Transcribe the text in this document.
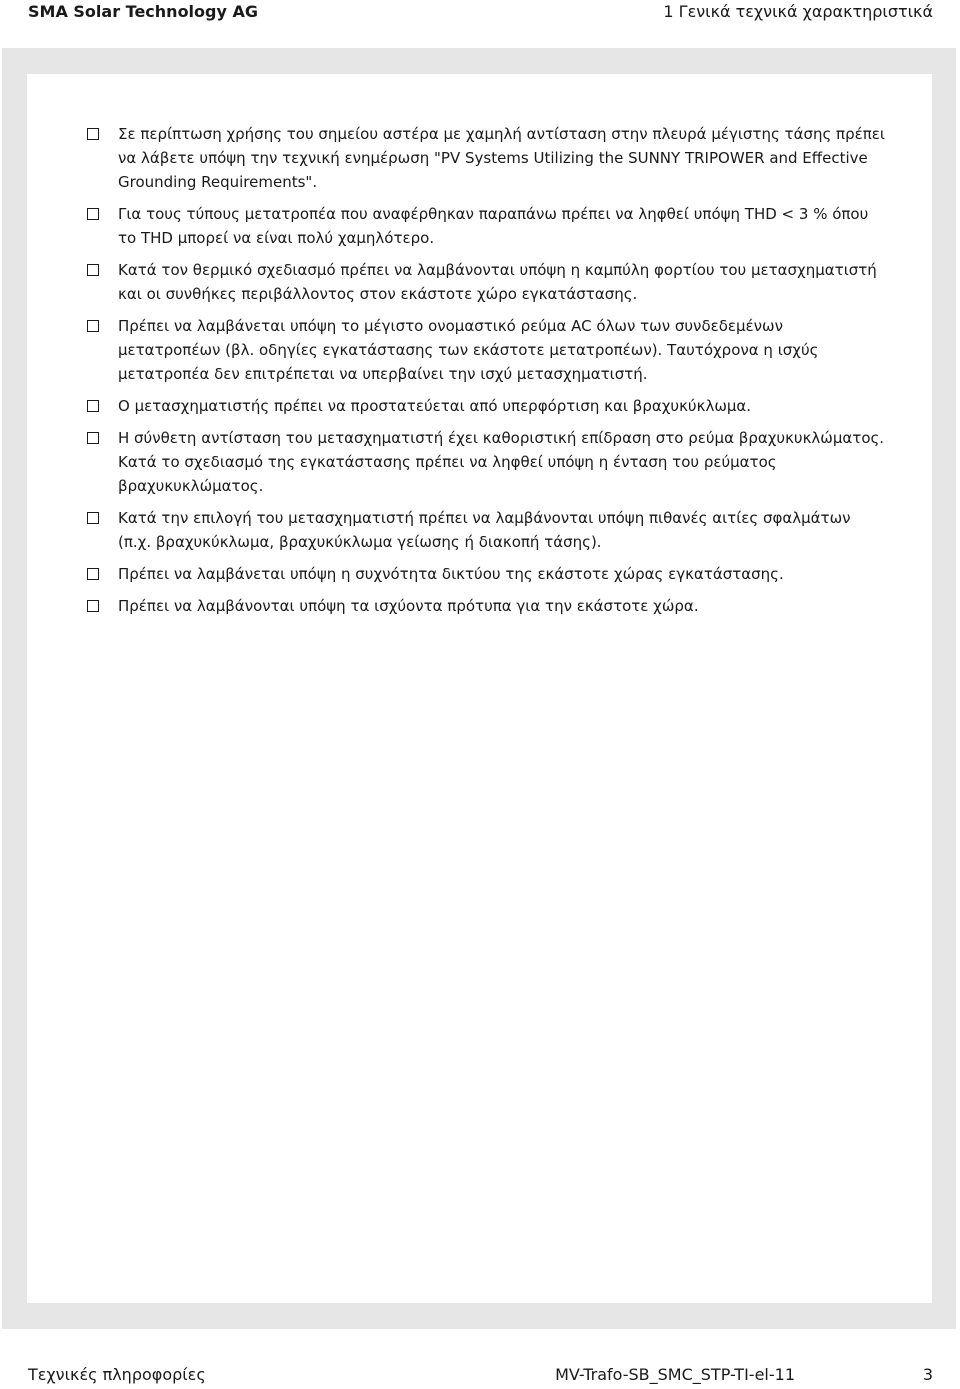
SMA Solar Technology AG	1 Γενικά τεχνικά χαρακτηριστικά
Σε περίπτωση χρήσης του σημείου αστέρα με χαμηλή αντίσταση στην πλευρά μέγιστης τάσης πρέπει να λάβετε υπόψη την τεχνική ενημέρωση "PV Systems Utilizing the SUNNY TRIPOWER and Effective Grounding Requirements".
Για τους τύπους μετατροπέα που αναφέρθηκαν παραπάνω πρέπει να ληφθεί υπόψη THD < 3 % όπου το THD μπορεί να είναι πολύ χαμηλότερο.
Κατά τον θερμικό σχεδιασμό πρέπει να λαμβάνονται υπόψη η καμπύλη φορτίου του μετασχηματιστή και οι συνθήκες περιβάλλοντος στον εκάστοτε χώρο εγκατάστασης.
Πρέπει να λαμβάνεται υπόψη το μέγιστο ονομαστικό ρεύμα AC όλων των συνδεδεμένων μετατροπέων (βλ. οδηγίες εγκατάστασης των εκάστοτε μετατροπέων). Ταυτόχρονα η ισχύς μετατροπέα δεν επιτρέπεται να υπερβαίνει την ισχύ μετασχηματιστή.
Ο μετασχηματιστής πρέπει να προστατεύεται από υπερφόρτιση και βραχυκύκλωμα.
Η σύνθετη αντίσταση του μετασχηματιστή έχει καθοριστική επίδραση στο ρεύμα βραχυκυκλώματος. Κατά το σχεδιασμό της εγκατάστασης πρέπει να ληφθεί υπόψη η ένταση του ρεύματος βραχυκυκλώματος.
Κατά την επιλογή του μετασχηματιστή πρέπει να λαμβάνονται υπόψη πιθανές αιτίες σφαλμάτων (π.χ. βραχυκύκλωμα, βραχυκύκλωμα γείωσης ή διακοπή τάσης).
Πρέπει να λαμβάνεται υπόψη η συχνότητα δικτύου της εκάστοτε χώρας εγκατάστασης.
Πρέπει να λαμβάνονται υπόψη τα ισχύοντα πρότυπα για την εκάστοτε χώρα.
Τεχνικές πληροφορίες	MV-Trafo-SB_SMC_STP-TI-el-11	3
